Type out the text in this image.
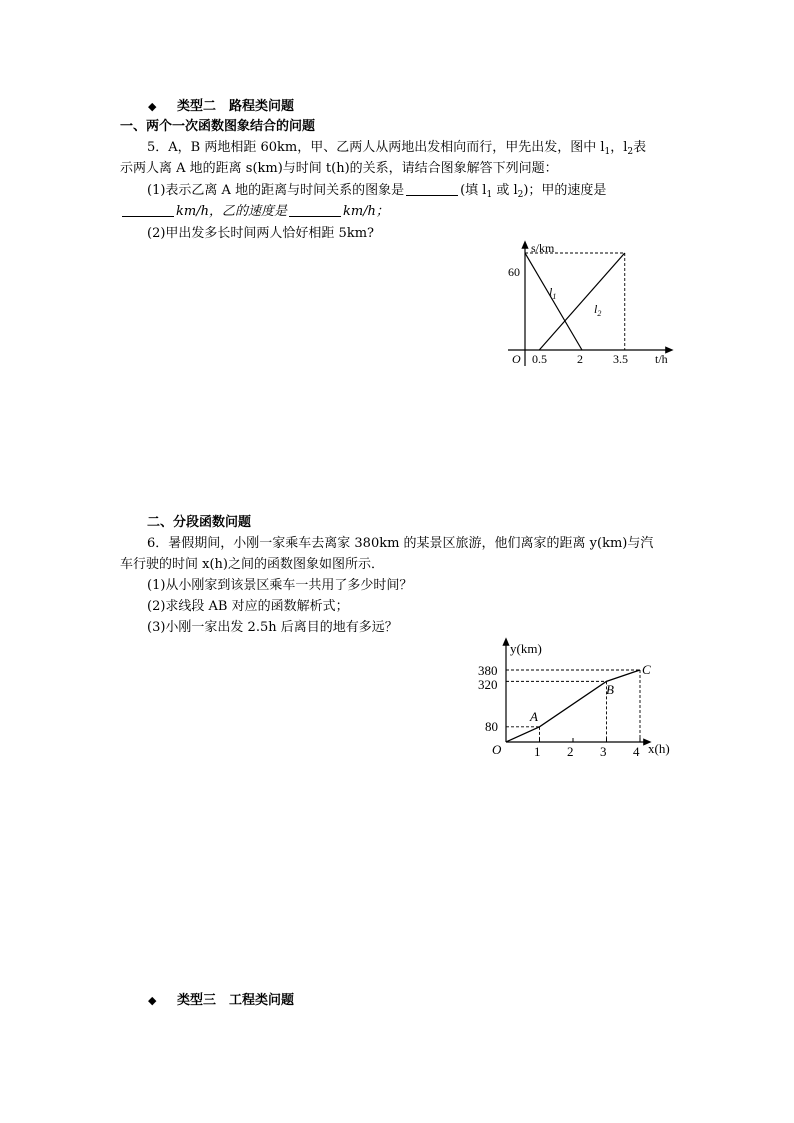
◆ 类型二　路程类问题
一、两个一次函数图象结合的问题
5．A，B 两地相距 60km，甲、乙两人从两地出发相向而行，甲先出发，图中 $l_1$，$l_2$表
示两人离 A 地的距离 s(km)与时间 t(h)的关系，请结合图象解答下列问题：
(1)表示乙离 A 地的距离与时间关系的图象是	(填 $l_1$ 或 $l_2$)；甲的速度是
km/h，乙的速度是	km/h；
(2)甲出发多长时间两人恰好相距 5km?
s/km
t/h
O
60
0.5	2	3.5
$l_1$
$l_2$
二、分段函数问题
6．暑假期间，小刚一家乘车去离家 380km 的某景区旅游，他们离家的距离 y(km)与汽
车行驶的时间 x(h)之间的函数图象如图所示．
(1)从小刚家到该景区乘车一共用了多少时间？
(2)求线段 AB 对应的函数解析式；
(3)小刚一家出发 2.5h 后离目的地有多远？
y(km)
x(h)
O
380
320
80
1 2 3 4
A
B
C
◆ 类型三　工程类问题
